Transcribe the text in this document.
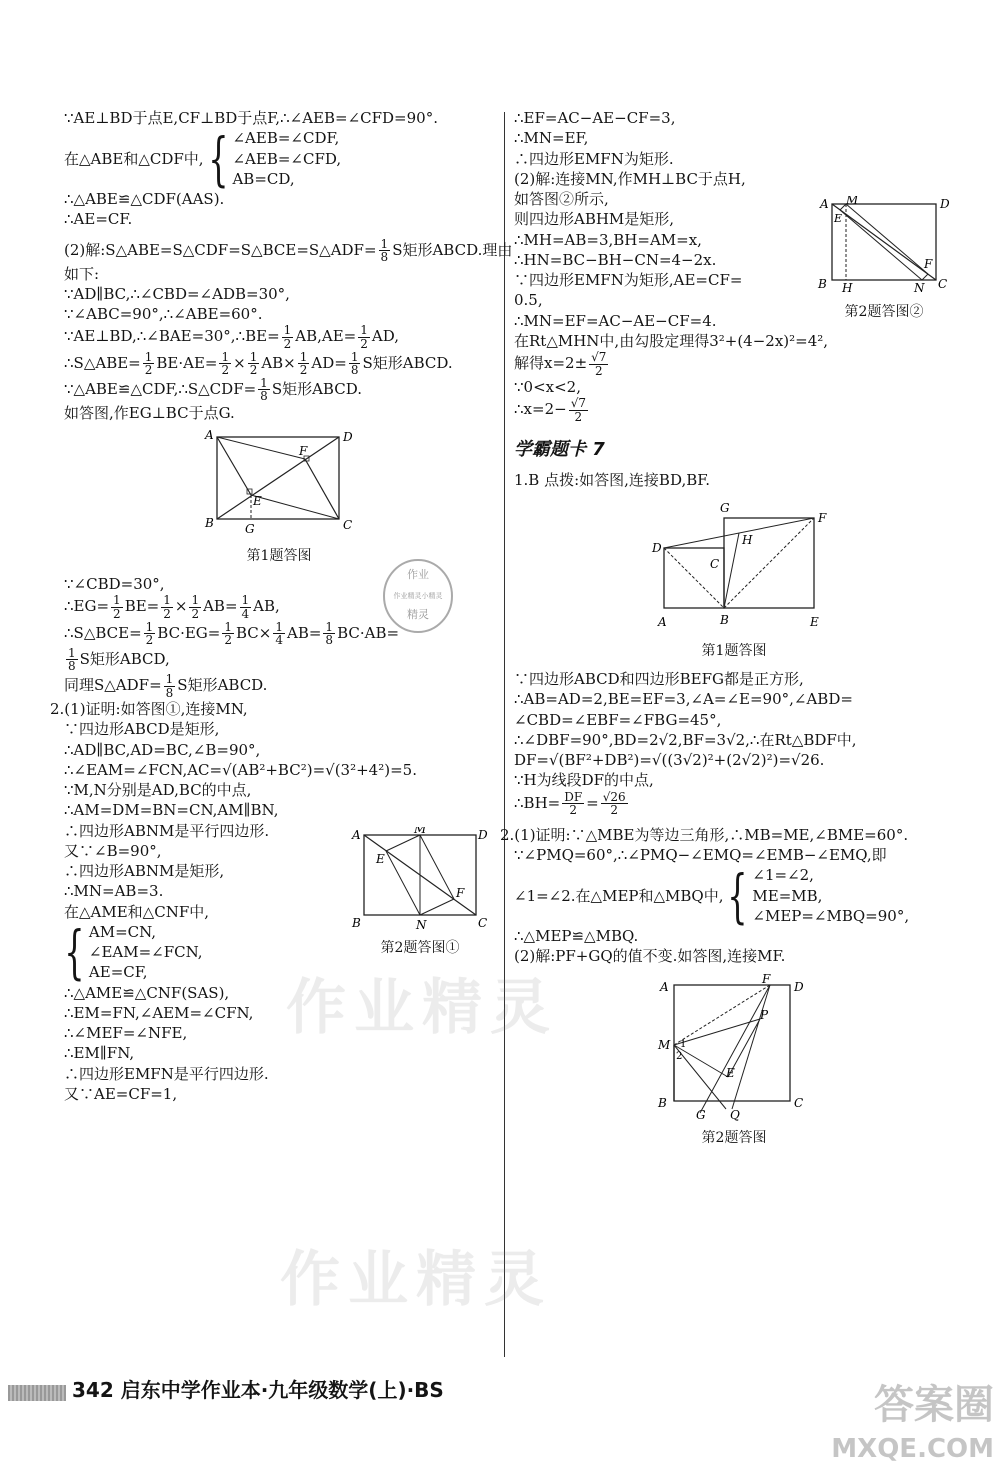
作业精灵
作业精灵
作业
作业精灵小精灵
精灵

∵AE⊥BD于点E,CF⊥BD于点F,∴∠AEB=∠CFD=90°.

在△ABE和△CDF中, { ∠AEB=∠CDF,
∠AEB=∠CFD,
AB=CD,

∴△ABE≌△CDF(AAS).

∴AE=CF.

(2)解:S△ABE=S△CDF=S△BCE=S△ADF= $\frac{1}{8}$ S矩形ABCD.理由

如下:

∵AD∥BC,∴∠CBD=∠ADB=30°,

∵∠ABC=90°,∴∠ABE=60°.

∵AE⊥BD,∴∠BAE=30°,∴BE= $\frac{1}{2} AB,AE= \frac{1}{2}$ AD,

∴S△ABE= $\frac{1}{2} BE\cdot AE= \frac{1}{2} \times \frac{1}{2} AB\times \frac{1}{2} AD= \frac{1}{8}$ S矩形ABCD.

∵△ABE≌△CDF,∴S△CDF= $\frac{1}{8}$ S矩形ABCD.

如答图,作EG⊥BC于点G.

A	D
B	C
E
F
G

第1题答图

∵∠CBD=30°,

∴EG= $\frac{1}{2} BE= \frac{1}{2} \times \frac{1}{2} AB= \frac{1}{4}$ AB,

∴S△BCE= $\frac{1}{2} BC\cdot EG= \frac{1}{2} BC\times \frac{1}{4} AB= \frac{1}{8} BC\cdot AB=$

$\frac{1}{8}$ S矩形ABCD,

同理S△ADF= $\frac{1}{8}$ S矩形ABCD.

2.(1)证明:如答图①,连接MN,

∵四边形ABCD是矩形,

∴AD∥BC,AD=BC,∠B=90°,

∴∠EAM=∠FCN,AC=√(AB²+BC²)=√(3²+4²)=5.

∵M,N分别是AD,BC的中点,

∴AM=DM=BN=CN,AM∥BN,

∴四边形ABNM是平行四边形.

又∵∠B=90°,

∴四边形ABNM是矩形,

∴MN=AB=3.

在△AME和△CNF中,

{ AM=CN,
∠EAM=∠FCN,
AE=CF,

∴△AME≌△CNF(SAS),

∴EM=FN,∠AEM=∠CFN,

∴∠MEF=∠NFE,

∴EM∥FN,

∴四边形EMFN是平行四边形.

又∵AE=CF=1,

A	M	D
E
F
B	N	C

第2题答图①

∴EF=AC−AE−CF=3,

∴MN=EF,

∴四边形EMFN为矩形.

(2)解:连接MN,作MH⊥BC于点H,

如答图②所示,

则四边形ABHM是矩形,

∴MH=AB=3,BH=AM=x,

∴HN=BC−BH−CN=4−2x.

∵四边形EMFN为矩形,AE=CF=

0.5,

∴MN=EF=AC−AE−CF=4.

在Rt△MHN中,由勾股定理得3²+(4−2x)²=4²,

解得$x=2\pm \frac{√7}{2}$

∵0<x<2,

∴x=2− $\frac{√7}{2}$

A M	D
E
F
B H	N C

第2题答图②

学霸题卡 7

1.B 点拨:如答图,连接BD,BF.

D
G
F
C
H
A	B	E

第1题答图

∵四边形ABCD和四边形BEFG都是正方形,

∴AB=AD=2,BE=EF=3,∠A=∠E=90°,∠ABD=

∠CBD=∠EBF=∠FBG=45°,

∴∠DBF=90°,BD=2√2,BF=3√2,∴在Rt△BDF中,

DF=√(BF²+DB²)=√((3√2)²+(2√2)²)=√26.

∵H为线段DF的中点,

∴BH= $\frac{DF}{2} = \frac{√26}{2}$

2.(1)证明:∵△MBE为等边三角形,∴MB=ME,∠BME=60°.

∵∠PMQ=60°,∴∠PMQ−∠EMQ=∠EMB−∠EMQ,即

∠1=∠2.在△MEP和△MBQ中, { ∠1=∠2,
ME=MB,
∠MEP=∠MBQ=90°,

∴△MEP≌△MBQ.

(2)解:PF+GQ的值不变.如答图,连接MF.

A
F
D
P
M 1
2
E
B
G Q
C

第2题答图

342 启东中学作业本·九年级数学(上)·BS	答案圈
MXQE.COM
